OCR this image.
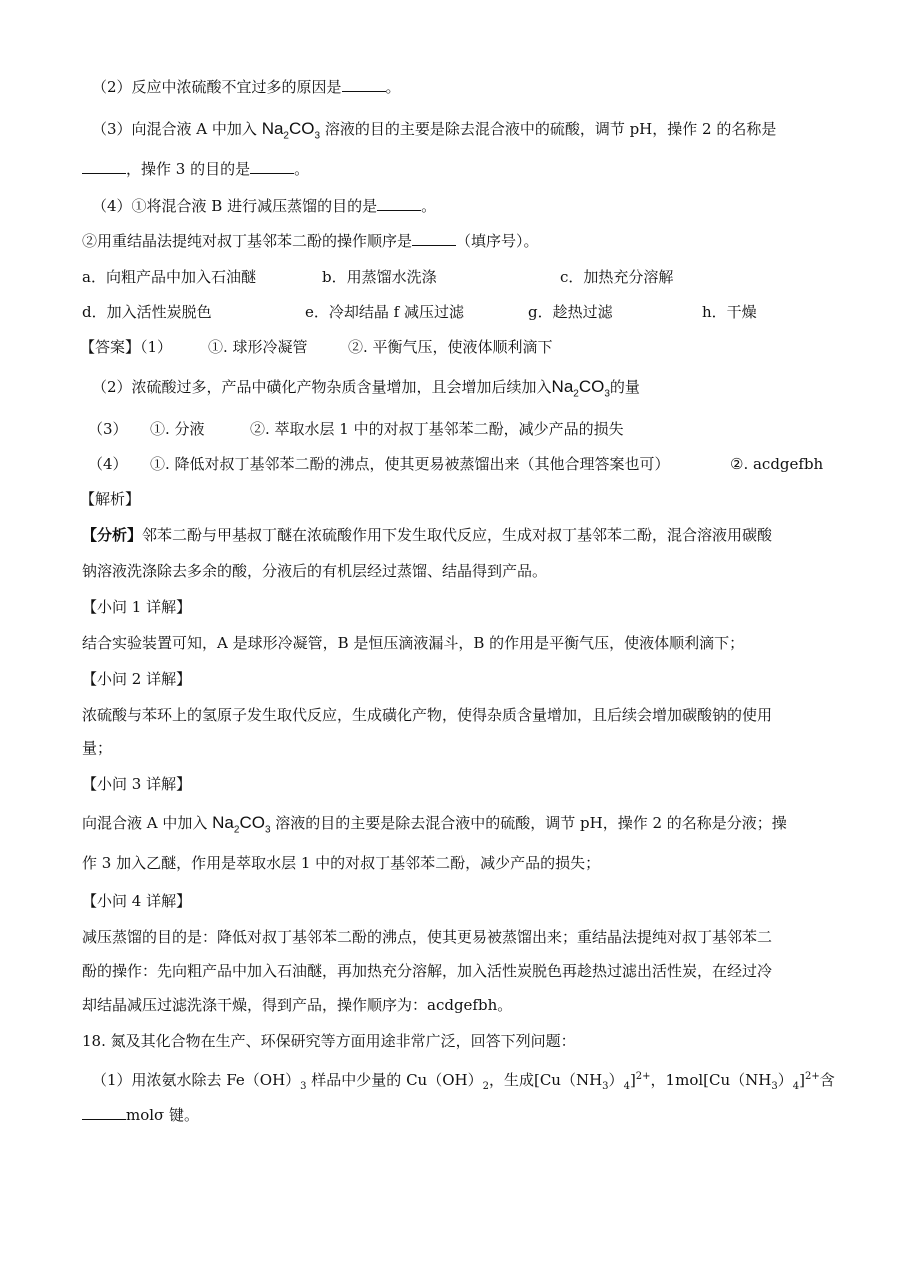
（2）反应中浓硫酸不宜过多的原因是	。
（3）向混合液 A 中加入 $Na_2CO_3$ 溶液的目的主要是除去混合液中的硫酸，调节 pH，操作 2 的名称是
，操作 3 的目的是	。
（4）①将混合液 B 进行减压蒸馏的目的是	。
②用重结晶法提纯对叔丁基邻苯二酚的操作顺序是	（填序号）。
a．向粗产品中加入石油醚	b．用蒸馏水洗涤	c．加热充分溶解
d．加入活性炭脱色	e．冷却结晶 f 减压过滤	g．趁热过滤	h．干燥
【答案】（1） ①. 球形冷凝管	②. 平衡气压，使液体顺利滴下
（2）浓硫酸过多，产品中磺化产物杂质含量增加，且会增加后续加入$Na_2CO_3$的量
（3） ①. 分液	②. 萃取水层 1 中的对叔丁基邻苯二酚，减少产品的损失
（4） ①. 降低对叔丁基邻苯二酚的沸点，使其更易被蒸馏出来（其他合理答案也可）	②. acdgefbh
【解析】
【分析】邻苯二酚与甲基叔丁醚在浓硫酸作用下发生取代反应，生成对叔丁基邻苯二酚，混合溶液用碳酸
钠溶液洗涤除去多余的酸，分液后的有机层经过蒸馏、结晶得到产品。
【小问 1 详解】
结合实验装置可知，A 是球形冷凝管，B 是恒压滴液漏斗，B 的作用是平衡气压，使液体顺利滴下；
【小问 2 详解】
浓硫酸与苯环上的氢原子发生取代反应，生成磺化产物，使得杂质含量增加，且后续会增加碳酸钠的使用
量；
【小问 3 详解】
向混合液 A 中加入 $Na_2CO_3$ 溶液的目的主要是除去混合液中的硫酸，调节 pH，操作 2 的名称是分液；操
作 3 加入乙醚，作用是萃取水层 1 中的对叔丁基邻苯二酚，减少产品的损失；
【小问 4 详解】
减压蒸馏的目的是：降低对叔丁基邻苯二酚的沸点，使其更易被蒸馏出来；重结晶法提纯对叔丁基邻苯二
酚的操作：先向粗产品中加入石油醚，再加热充分溶解，加入活性炭脱色再趁热过滤出活性炭，在经过冷
却结晶减压过滤洗涤干燥，得到产品，操作顺序为：acdgefbh。
18. 氮及其化合物在生产、环保研究等方面用途非常广泛，回答下列问题：
（1）用浓氨水除去 $Fe(OH)_3$ 样品中少量的 $Cu(OH)_2$，生成$[Cu(NH_3)_4]^{2+}$，$1mol[Cu(NH_3)_4]^{2+}$含
molσ 键。
